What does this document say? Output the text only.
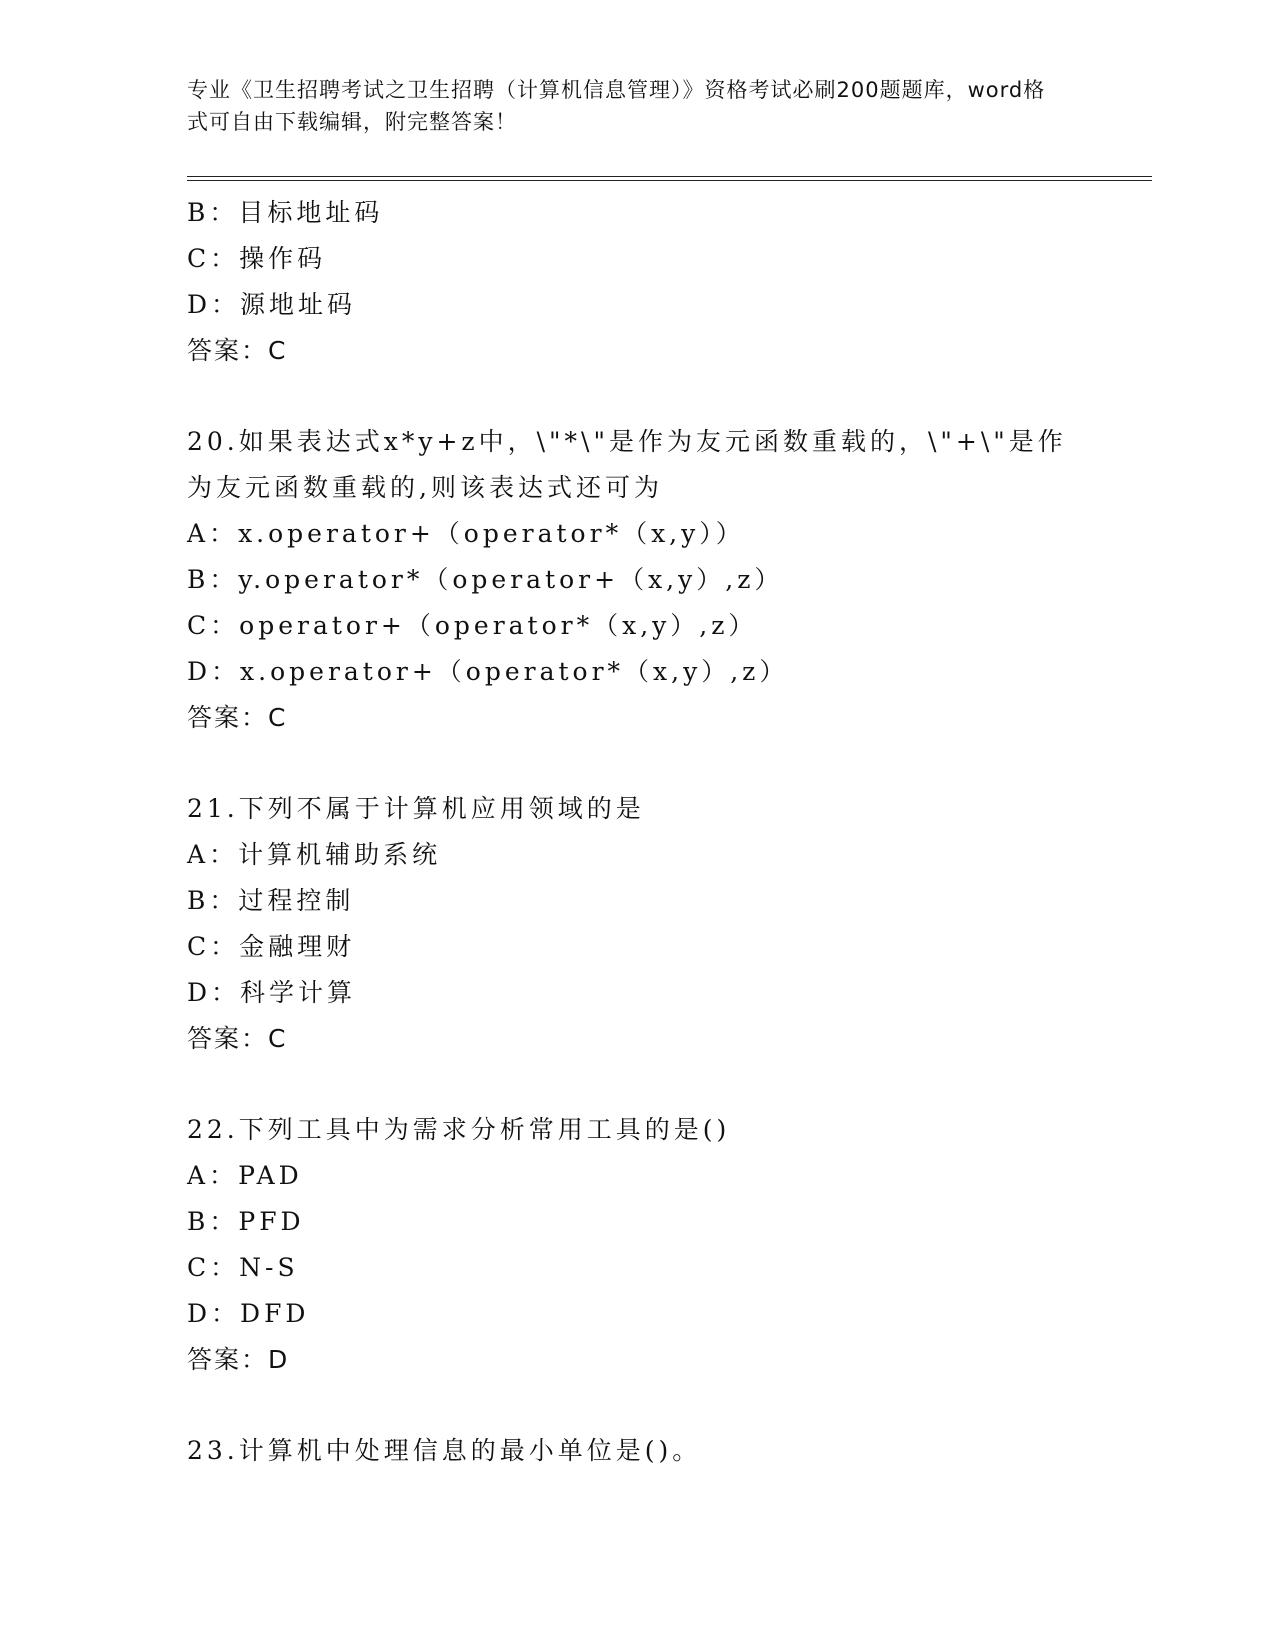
专业《卫生招聘考试之卫生招聘（计算机信息管理）》资格考试必刷200题题库，word格式可自由下载编辑，附完整答案！
B：目标地址码
C：操作码
D：源地址码
答案：C
20.如果表达式x*y+z中，\"*\"是作为友元函数重载的，\"+\"是作为友元函数重载的,则该表达式还可为
A：x.operator+（operator*（x,y））
B：y.operator*（operator+（x,y）,z）
C：operator+（operator*（x,y）,z）
D：x.operator+（operator*（x,y）,z）
答案：C
21.下列不属于计算机应用领域的是
A：计算机辅助系统
B：过程控制
C：金融理财
D：科学计算
答案：C
22.下列工具中为需求分析常用工具的是()
A：PAD
B：PFD
C：N-S
D：DFD
答案：D
23.计算机中处理信息的最小单位是()。
